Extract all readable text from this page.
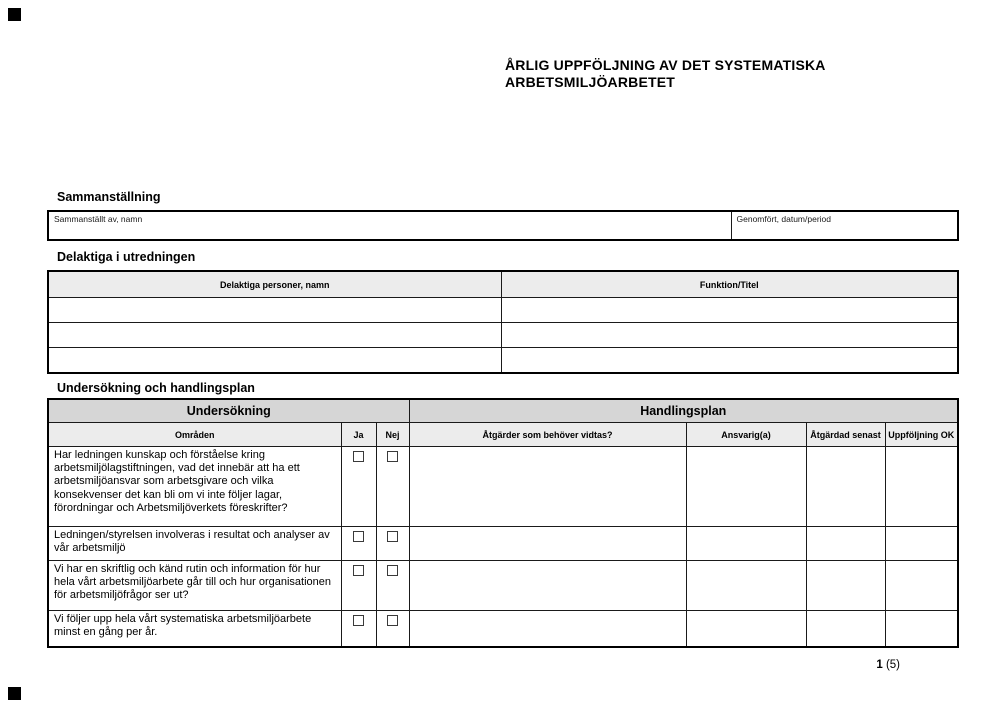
ÅRLIG UPPFÖLJNING AV DET SYSTEMATISKA
ARBETSMILJÖARBETET
Sammanställning
Sammanställt av, namn	Genomfört, datum/period
Delaktiga i utredningen
Delaktiga personer, namn	Funktion/Titel

Undersökning och handlingsplan
Undersökning			Handlingsplan			
Områden	Ja	Nej	Åtgärder som behöver vidtas?	Ansvarig(a)	Åtgärdad senast	Uppföljning OK
Har ledningen kunskap och förståelse kring arbetsmiljölagstiftningen, vad det innebär att ha ett arbetsmiljöansvar som arbetsgivare och vilka konsekvenser det kan bli om vi inte följer lagar, förordningar och Arbetsmiljöverkets föreskrifter?	

Ledningen/styrelsen involveras i resultat och analyser av vår arbetsmiljö	

Vi har en skriftlig och känd rutin och information för hur hela vårt arbetsmiljöarbete går till och hur organisationen för arbetsmiljöfrågor ser ut?	

Vi följer upp hela vårt systematiska arbetsmiljöarbete minst en gång per år.	

1 (5)
